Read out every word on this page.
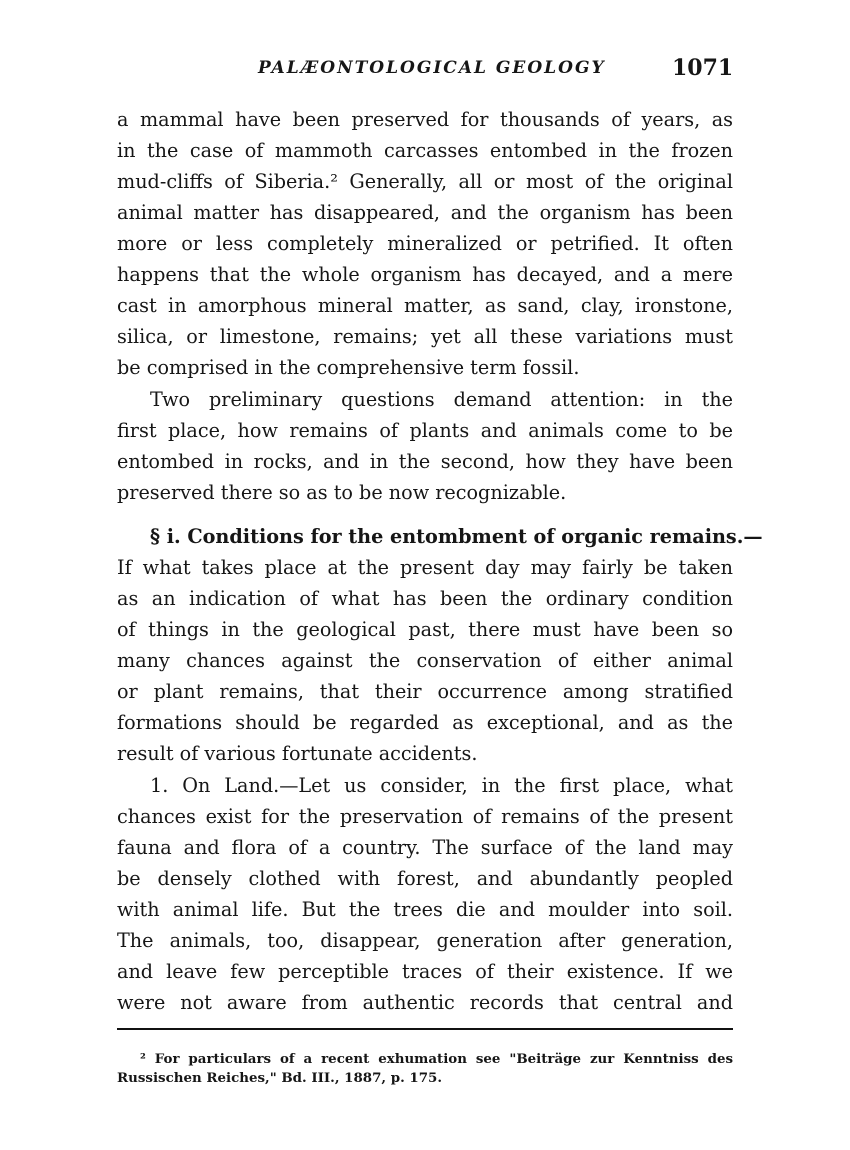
PALÆONTOLOGICAL GEOLOGY	1071
a mammal have been preserved for thousands of years, as
in the case of mammoth carcasses entombed in the frozen
mud-cliffs of Siberia.² Generally, all or most of the original
animal matter has disappeared, and the organism has been
more or less completely mineralized or petrified. It often
happens that the whole organism has decayed, and a mere
cast in amorphous mineral matter, as sand, clay, ironstone,
silica, or limestone, remains; yet all these variations must
be comprised in the comprehensive term fossil.
Two preliminary questions demand attention: in the
first place, how remains of plants and animals come to be
entombed in rocks, and in the second, how they have been
preserved there so as to be now recognizable.
§ i. Conditions for the entombment of organic remains.—
If what takes place at the present day may fairly be taken
as an indication of what has been the ordinary condition
of things in the geological past, there must have been so
many chances against the conservation of either animal
or plant remains, that their occurrence among stratified
formations should be regarded as exceptional, and as the
result of various fortunate accidents.
1. On Land.—Let us consider, in the first place, what
chances exist for the preservation of remains of the present
fauna and flora of a country. The surface of the land may
be densely clothed with forest, and abundantly peopled
with animal life. But the trees die and moulder into soil.
The animals, too, disappear, generation after generation,
and leave few perceptible traces of their existence. If we
were not aware from authentic records that central and
² For particulars of a recent exhumation see "Beiträge zur Kenntniss des
Russischen Reiches," Bd. III., 1887, p. 175.
